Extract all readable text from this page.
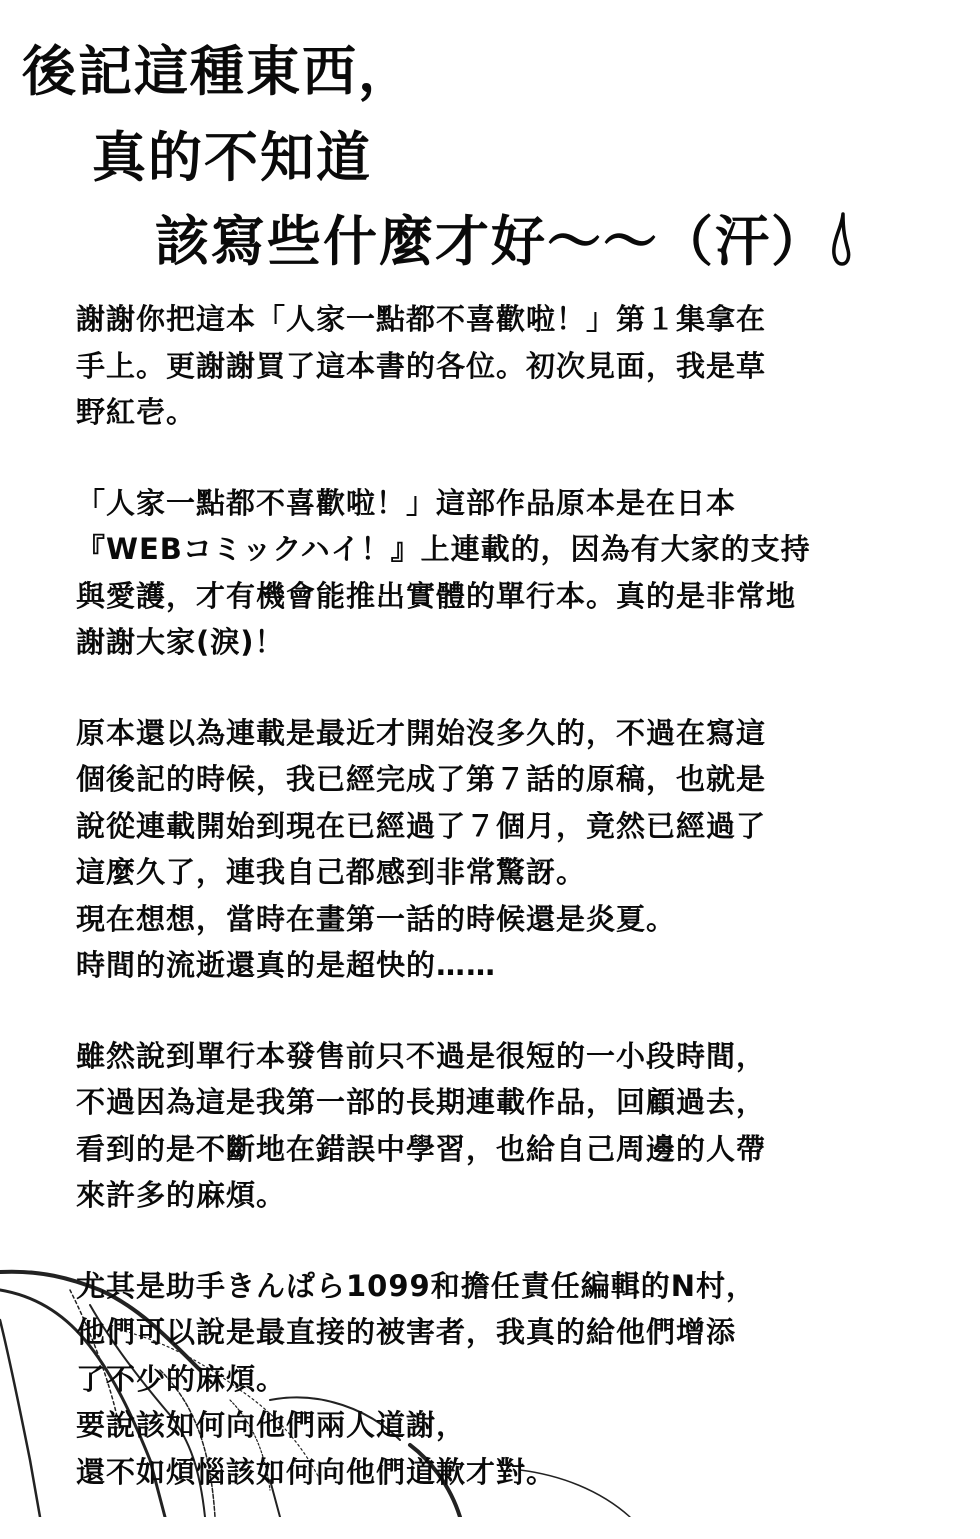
後記這種東西，
真的不知道
該寫些什麼才好～～（汗）
謝謝你把這本「人家一點都不喜歡啦！」第１集拿在
手上。更謝謝買了這本書的各位。初次見面，我是草
野紅壱。
「人家一點都不喜歡啦！」這部作品原本是在日本
『WEBコミックハイ！』上連載的，因為有大家的支持
與愛護，才有機會能推出實體的單行本。真的是非常地
謝謝大家(淚)！
原本還以為連載是最近才開始沒多久的，不過在寫這
個後記的時候，我已經完成了第７話的原稿，也就是
說從連載開始到現在已經過了７個月，竟然已經過了
這麼久了，連我自己都感到非常驚訝。
現在想想，當時在畫第一話的時候還是炎夏。
時間的流逝還真的是超快的……
雖然說到單行本發售前只不過是很短的一小段時間，
不過因為這是我第一部的長期連載作品，回顧過去，
看到的是不斷地在錯誤中學習，也給自己周邊的人帶
來許多的麻煩。
尤其是助手きんぱら1099和擔任責任編輯的N村，
他們可以說是最直接的被害者，我真的給他們增添
了不少的麻煩。
要說該如何向他們兩人道謝，
還不如煩惱該如何向他們道歉才對。
